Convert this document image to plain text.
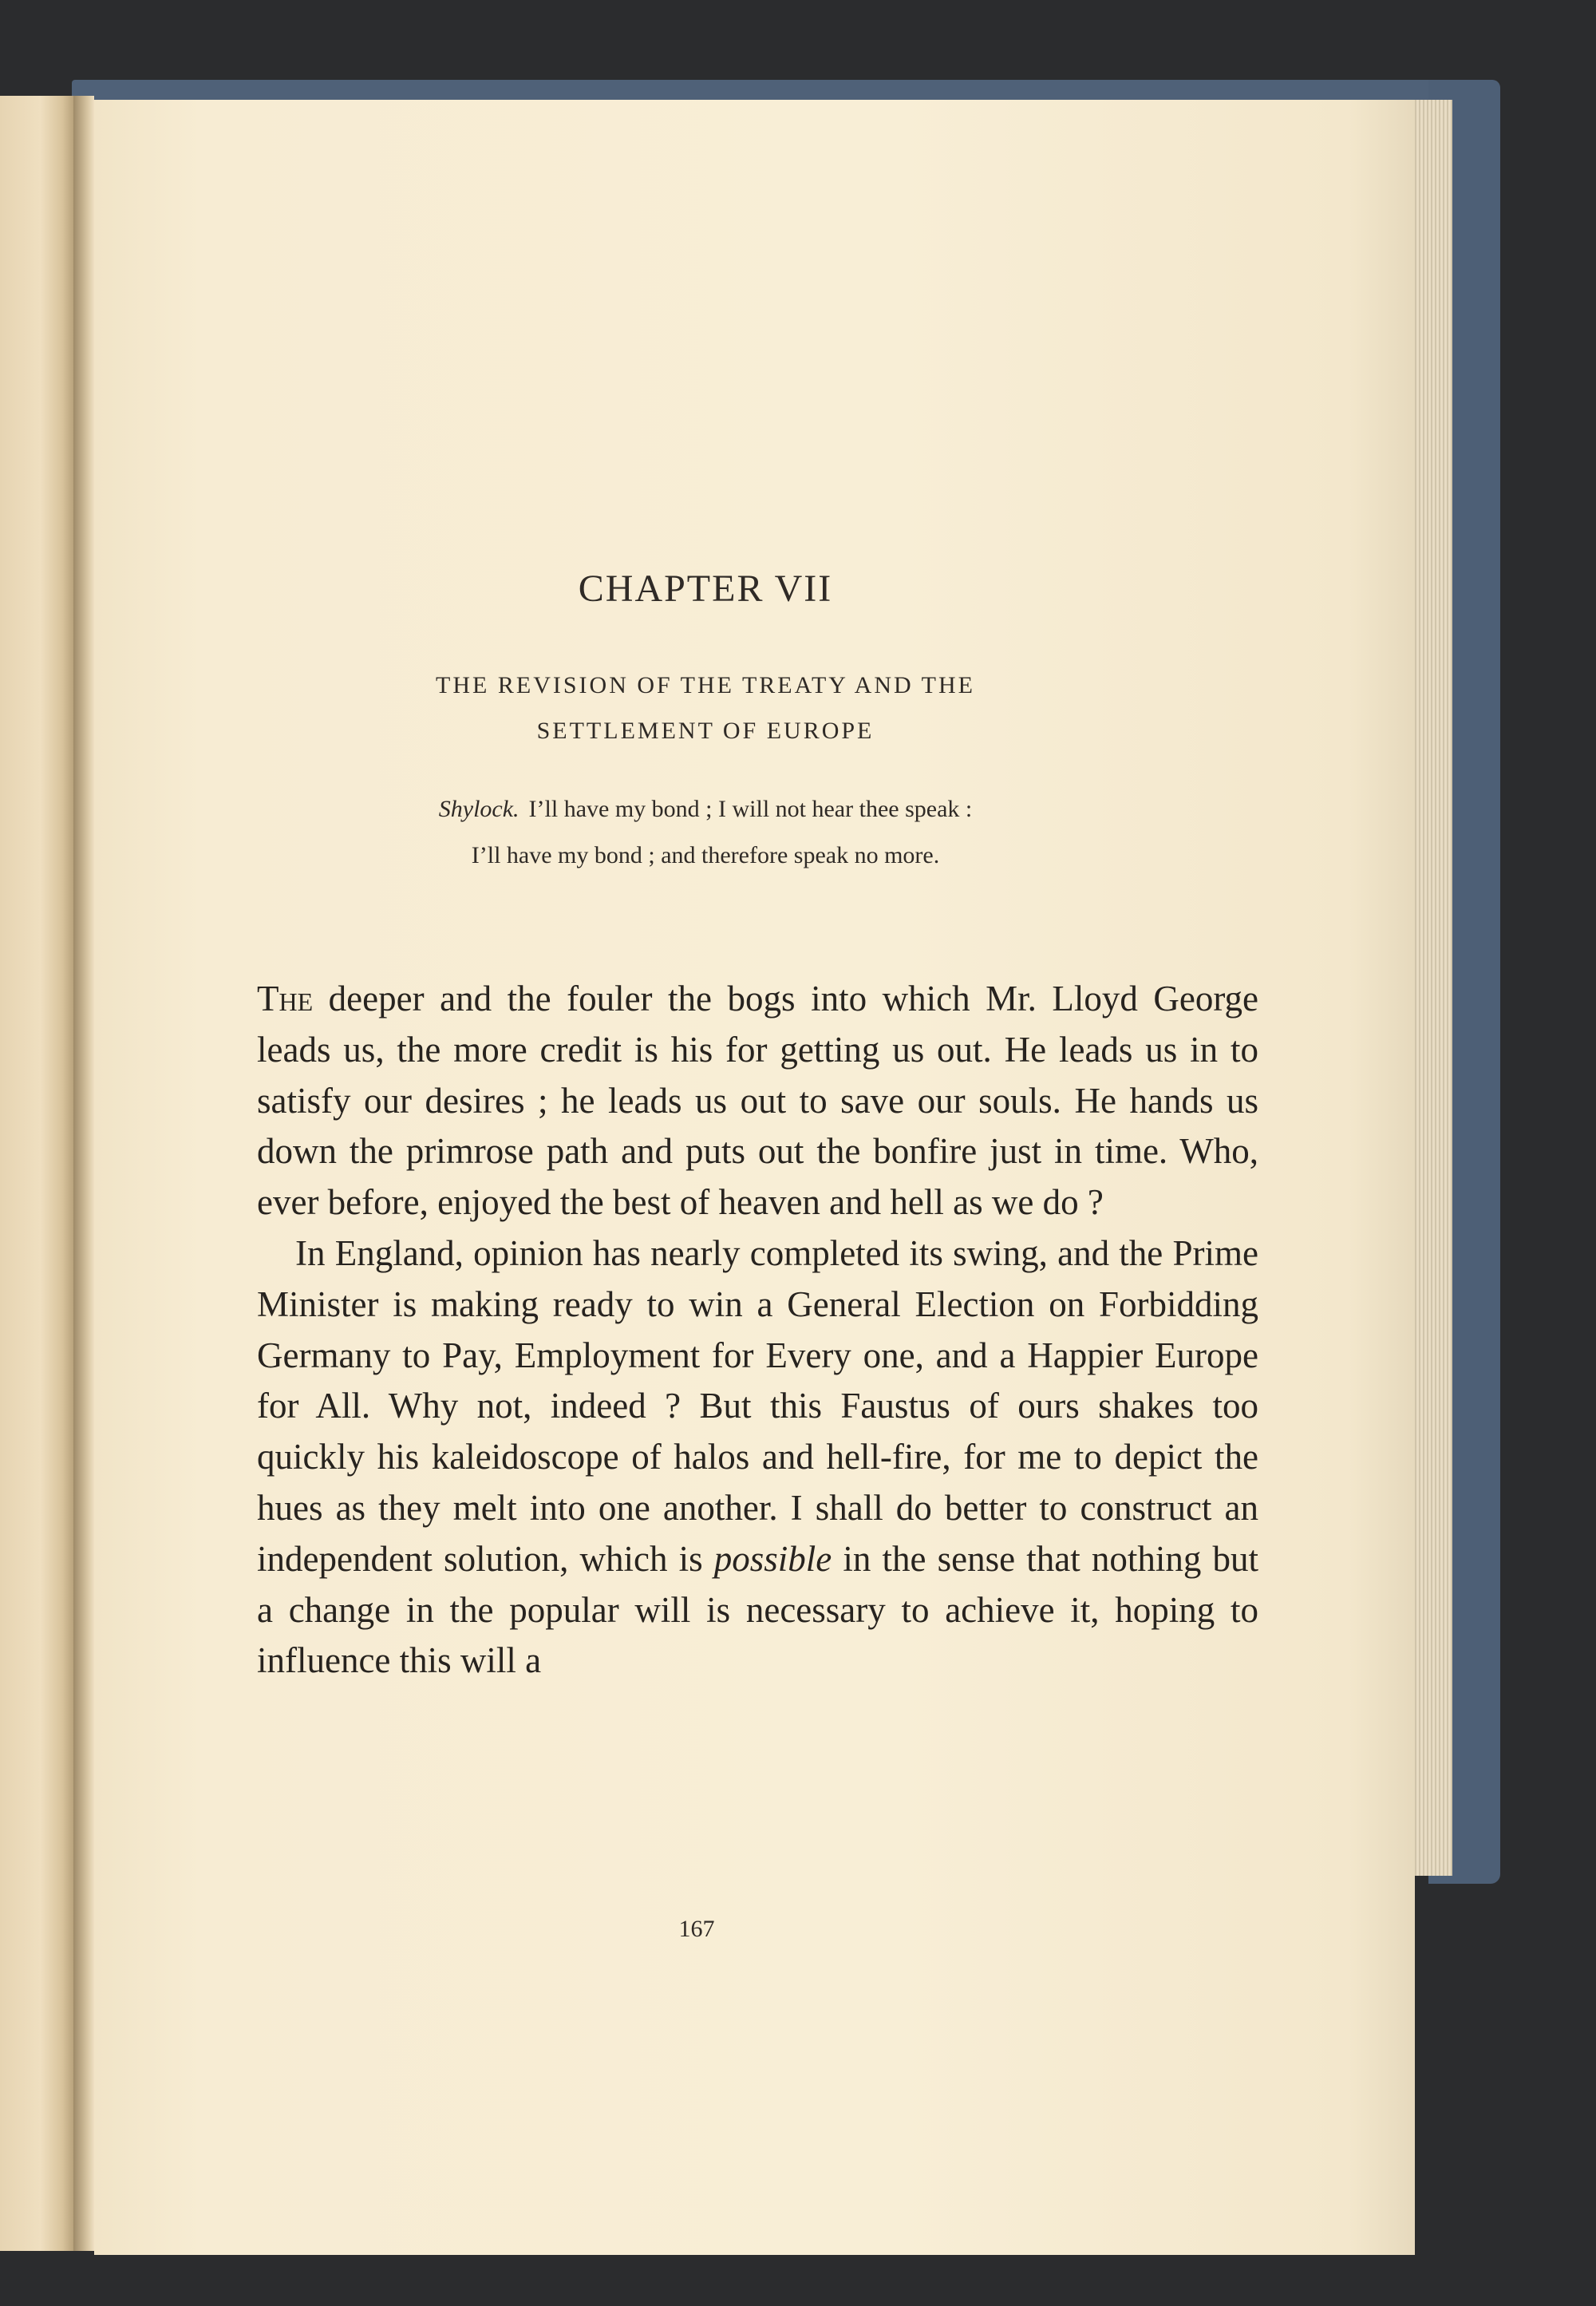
CHAPTER VII
THE REVISION OF THE TREATY AND THE
SETTLEMENT OF EUROPE
Shylock. I’ll have my bond ; I will not hear thee speak :
I’ll have my bond ; and therefore speak no more.

The deeper and the fouler the bogs into which Mr. Lloyd George leads us, the more credit is his for getting us out. He leads us in to satisfy our desires ; he leads us out to save our souls. He hands us down the primrose path and puts out the bonfire just in time. Who, ever before, enjoyed the best of heaven and hell as we do ?

In England, opinion has nearly completed its swing, and the Prime Minister is making ready to win a General Election on Forbidding Germany to Pay, Employment for Every one, and a Happier Europe for All. Why not, indeed ? But this Faustus of ours shakes too quickly his kaleidoscope of halos and hell-fire, for me to depict the hues as they melt into one another. I shall do better to construct an independent solution, which is possible in the sense that nothing but a change in the popular will is necessary to achieve it, hoping to influence this will a

167
